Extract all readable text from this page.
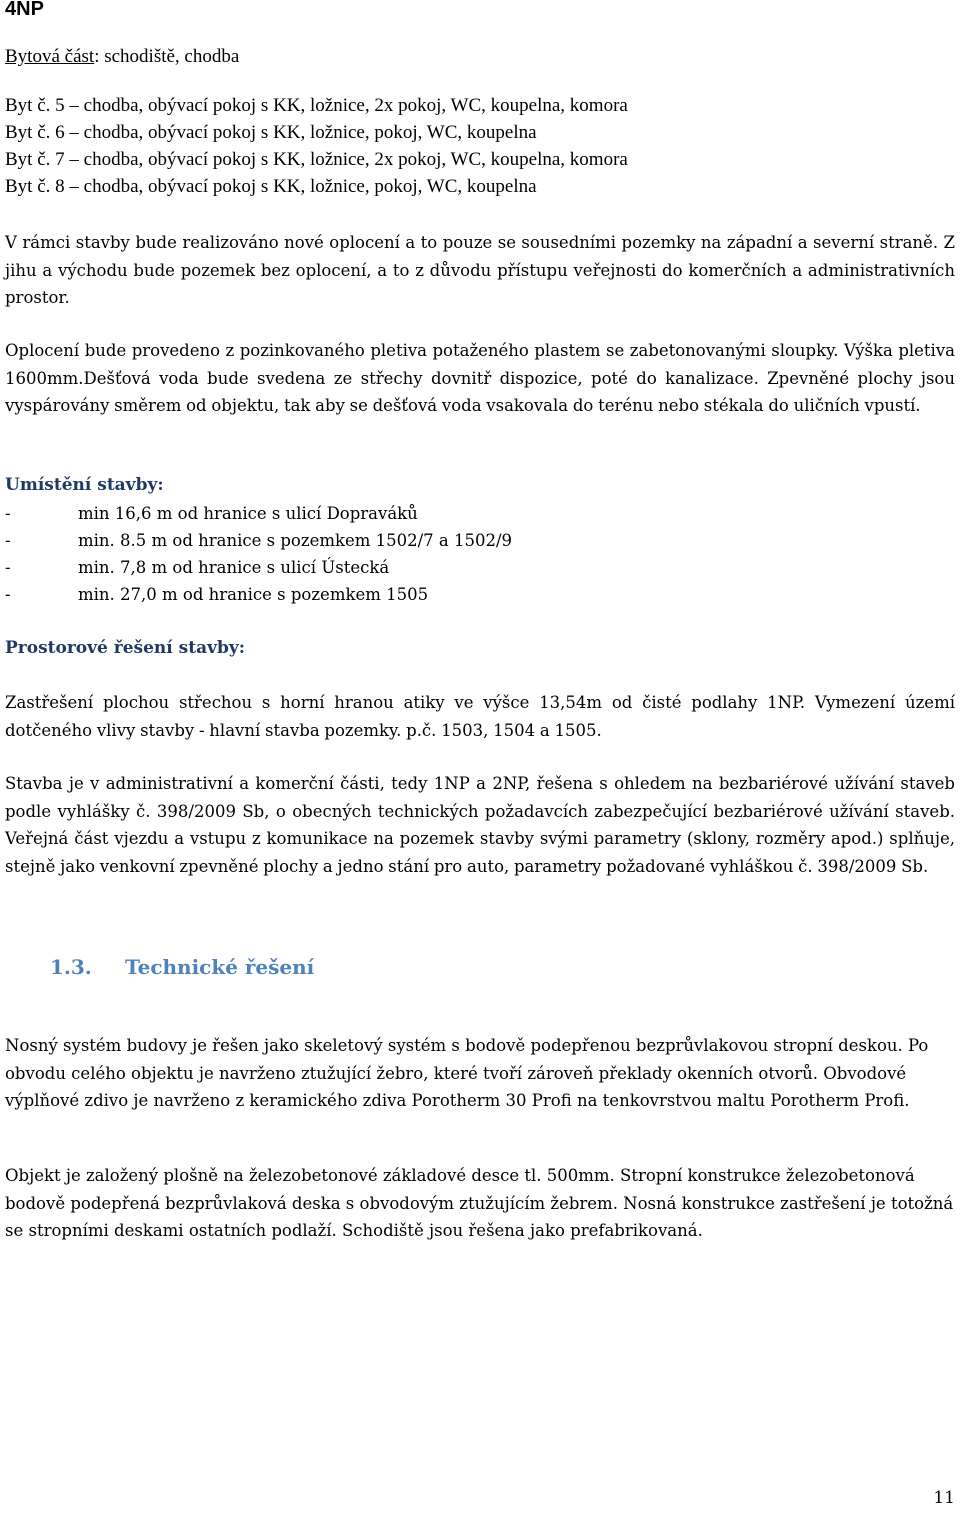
4NP
Bytová část: schodiště, chodba
Byt č. 5 – chodba, obývací pokoj s KK, ložnice, 2x pokoj, WC, koupelna, komora
Byt č. 6 – chodba, obývací pokoj s KK, ložnice, pokoj, WC, koupelna
Byt č. 7 – chodba, obývací pokoj s KK, ložnice, 2x pokoj, WC, koupelna, komora
Byt č. 8 – chodba, obývací pokoj s KK, ložnice, pokoj, WC, koupelna
V rámci stavby bude realizováno nové oplocení a to pouze se sousedními pozemky na západní a severní straně. Z jihu a východu bude pozemek bez oplocení, a to z důvodu přístupu veřejnosti do komerčních a administrativních prostor.
Oplocení bude provedeno z pozinkovaného pletiva potaženého plastem se zabetonovanými sloupky. Výška pletiva 1600mm.Dešťová voda bude svedena ze střechy dovnitř dispozice, poté do kanalizace. Zpevněné plochy jsou vyspárovány směrem od objektu, tak aby se dešťová voda vsakovala do terénu nebo stékala do uličních vpustí.
Umístění stavby:
-	min 16,6 m od hranice s ulicí Dopraváků
-	min. 8.5 m od hranice s pozemkem 1502/7 a 1502/9
-	min. 7,8 m od hranice s ulicí Ústecká
-	min. 27,0 m od hranice s pozemkem 1505
Prostorové řešení stavby:
Zastřešení plochou střechou s horní hranou atiky ve výšce 13,54m od čisté podlahy 1NP. Vymezení území dotčeného vlivy stavby - hlavní stavba pozemky. p.č. 1503, 1504 a 1505.
Stavba je v administrativní a komerční části, tedy 1NP a 2NP, řešena s ohledem na bezbariérové užívání staveb podle vyhlášky č. 398/2009 Sb, o obecných technických požadavcích zabezpečující bezbariérové užívání staveb. Veřejná část vjezdu a vstupu z komunikace na pozemek stavby svými parametry (sklony, rozměry apod.) splňuje, stejně jako venkovní zpevněné plochy a jedno stání pro auto, parametry požadované vyhláškou č. 398/2009 Sb.
1.3. Technické řešení
Nosný systém budovy je řešen jako skeletový systém s bodově podepřenou bezprůvlakovou stropní deskou. Po obvodu celého objektu je navrženo ztužující žebro, které tvoří zároveň překlady okenních otvorů. Obvodové výplňové zdivo je navrženo z keramického zdiva Porotherm 30 Profi na tenkovrstvou maltu Porotherm Profi.
Objekt je založený plošně na železobetonové základové desce tl. 500mm. Stropní konstrukce železobetonová bodově podepřená bezprůvlaková deska s obvodovým ztužujícím žebrem. Nosná konstrukce zastřešení je totožná se stropními deskami ostatních podlaží. Schodiště jsou řešena jako prefabrikovaná.
11
